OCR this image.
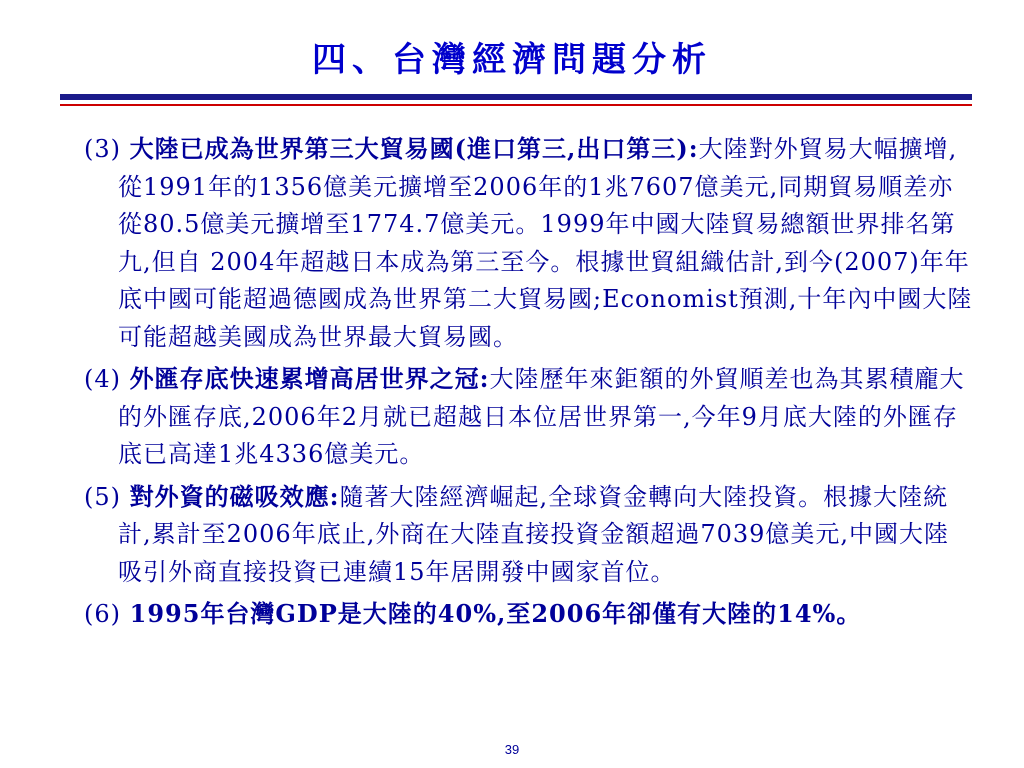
四、台灣經濟問題分析

(3) 大陸已成為世界第三大貿易國(進口第三,出口第三):大陸對外貿易大幅擴增,從1991年的1356億美元擴增至2006年的1兆7607億美元,同期貿易順差亦從80.5億美元擴增至1774.7億美元。1999年中國大陸貿易總額世界排名第九,但自 2004年超越日本成為第三至今。根據世貿組織估計,到今(2007)年年底中國可能超過德國成為世界第二大貿易國;Economist預測,十年內中國大陸可能超越美國成為世界最大貿易國。

(4) 外匯存底快速累增高居世界之冠:大陸歷年來鉅額的外貿順差也為其累積龐大的外匯存底,2006年2月就已超越日本位居世界第一,今年9月底大陸的外匯存底已高達1兆4336億美元。

(5) 對外資的磁吸效應:隨著大陸經濟崛起,全球資金轉向大陸投資。根據大陸統計,累計至2006年底止,外商在大陸直接投資金額超過7039億美元,中國大陸吸引外商直接投資已連續15年居開發中國家首位。

(6) 1995年台灣GDP是大陸的40%,至2006年卻僅有大陸的14%。

39
